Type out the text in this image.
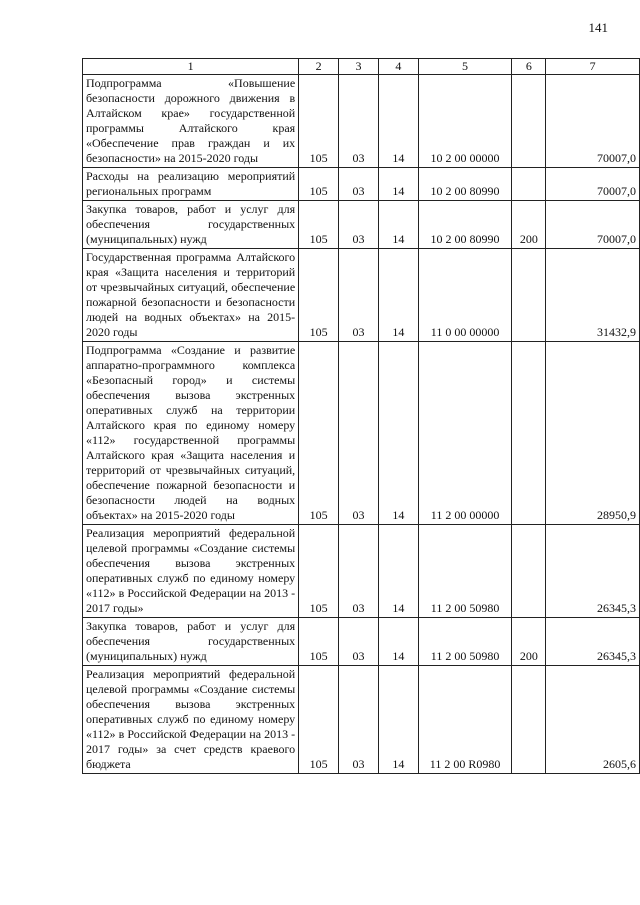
141
1	2	3	4	5	6	7
Подпрограмма «Повышение безопасности дорожного движения в Алтайском крае» государственной программы Алтайского края «Обеспечение прав граждан и их безопасности» на 2015-2020 годы	105	03	14	10 2 00 00000		70007,0
Расходы на реализацию мероприятий региональных программ	105	03	14	10 2 00 80990		70007,0
Закупка товаров, работ и услуг для обеспечения государственных (муниципальных) нужд	105	03	14	10 2 00 80990	200	70007,0
Государственная программа Алтайского края «Защита населения и территорий от чрезвычайных ситуаций, обеспечение пожарной безопасности и безопасности людей на водных объектах» на 2015-2020 годы	105	03	14	11 0 00 00000		31432,9
Подпрограмма «Создание и развитие аппаратно-программного комплекса «Безопасный город» и системы обеспечения вызова экстренных оперативных служб на территории Алтайского края по единому номеру «112» государственной программы Алтайского края «Защита населения и территорий от чрезвычайных ситуаций, обеспечение пожарной безопасности и безопасности людей на водных объектах» на 2015-2020 годы	105	03	14	11 2 00 00000		28950,9
Реализация мероприятий федеральной целевой программы «Создание системы обеспечения вызова экстренных оперативных служб по единому номеру «112» в Российской Федерации на 2013 - 2017 годы»	105	03	14	11 2 00 50980		26345,3
Закупка товаров, работ и услуг для обеспечения государственных (муниципальных) нужд	105	03	14	11 2 00 50980	200	26345,3
Реализация мероприятий федеральной целевой программы «Создание системы обеспечения вызова экстренных оперативных служб по единому номеру «112» в Российской Федерации на 2013 - 2017 годы» за счет средств краевого бюджета	105	03	14	11 2 00 R0980		2605,6
